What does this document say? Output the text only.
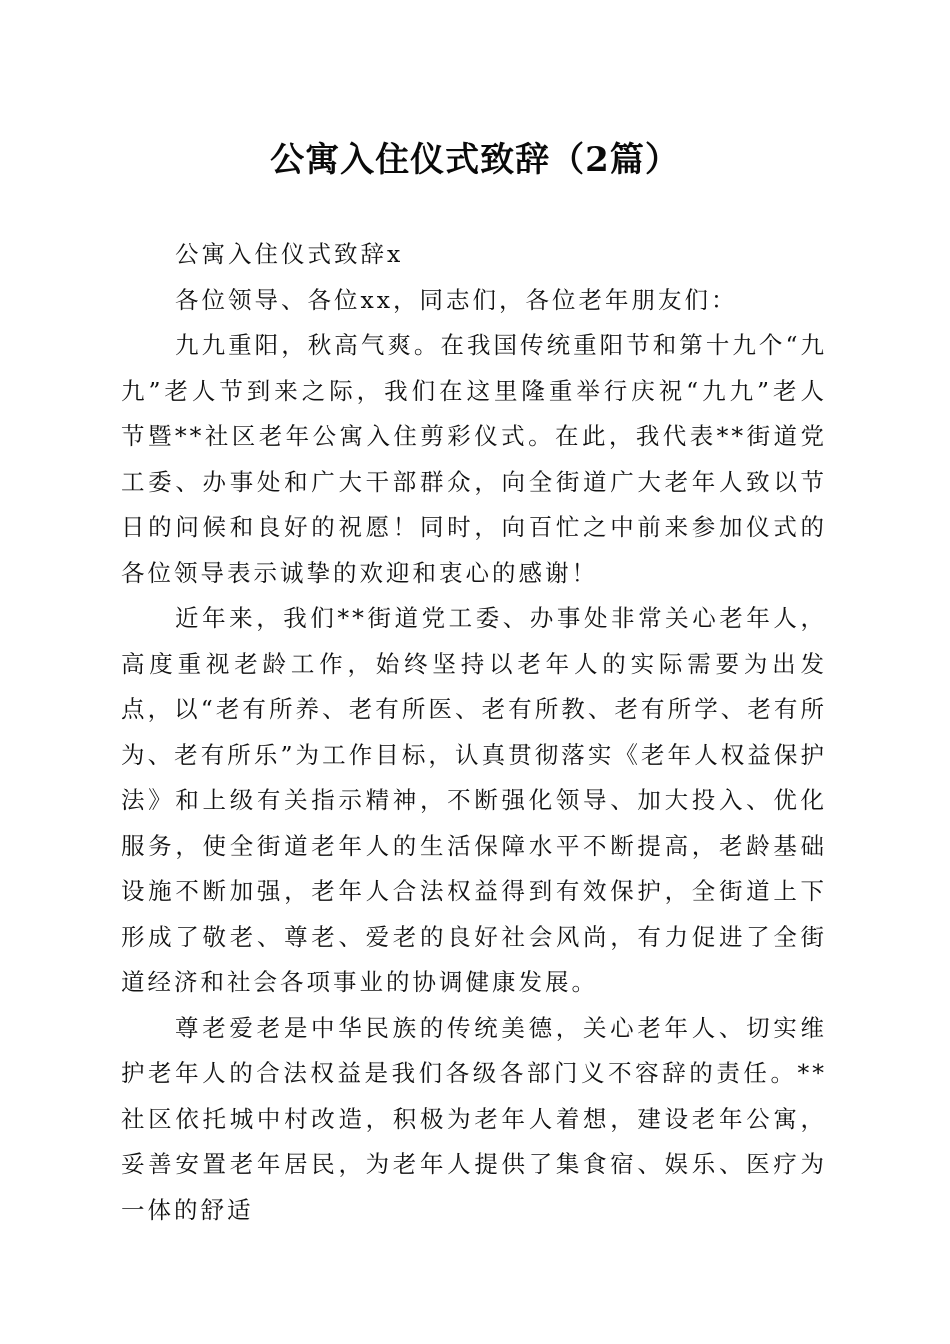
公寓入住仪式致辞（2篇）

公寓入住仪式致辞x

各位领导、各位xx，同志们，各位老年朋友们：

九九重阳，秋高气爽。在我国传统重阳节和第十九个“九九”老人节到来之际，我们在这里隆重举行庆祝“九九”老人节暨**社区老年公寓入住剪彩仪式。在此，我代表**街道党工委、办事处和广大干部群众，向全街道广大老年人致以节日的问候和良好的祝愿！同时，向百忙之中前来参加仪式的各位领导表示诚挚的欢迎和衷心的感谢！

近年来，我们**街道党工委、办事处非常关心老年人，高度重视老龄工作，始终坚持以老年人的实际需要为出发点，以“老有所养、老有所医、老有所教、老有所学、老有所为、老有所乐”为工作目标，认真贯彻落实《老年人权益保护法》和上级有关指示精神，不断强化领导、加大投入、优化服务，使全街道老年人的生活保障水平不断提高，老龄基础设施不断加强，老年人合法权益得到有效保护，全街道上下形成了敬老、尊老、爱老的良好社会风尚，有力促进了全街道经济和社会各项事业的协调健康发展。

尊老爱老是中华民族的传统美德，关心老年人、切实维护老年人的合法权益是我们各级各部门义不容辞的责任。**社区依托城中村改造，积极为老年人着想，建设老年公寓，妥善安置老年居民，为老年人提供了集食宿、娱乐、医疗为一体的舒适
